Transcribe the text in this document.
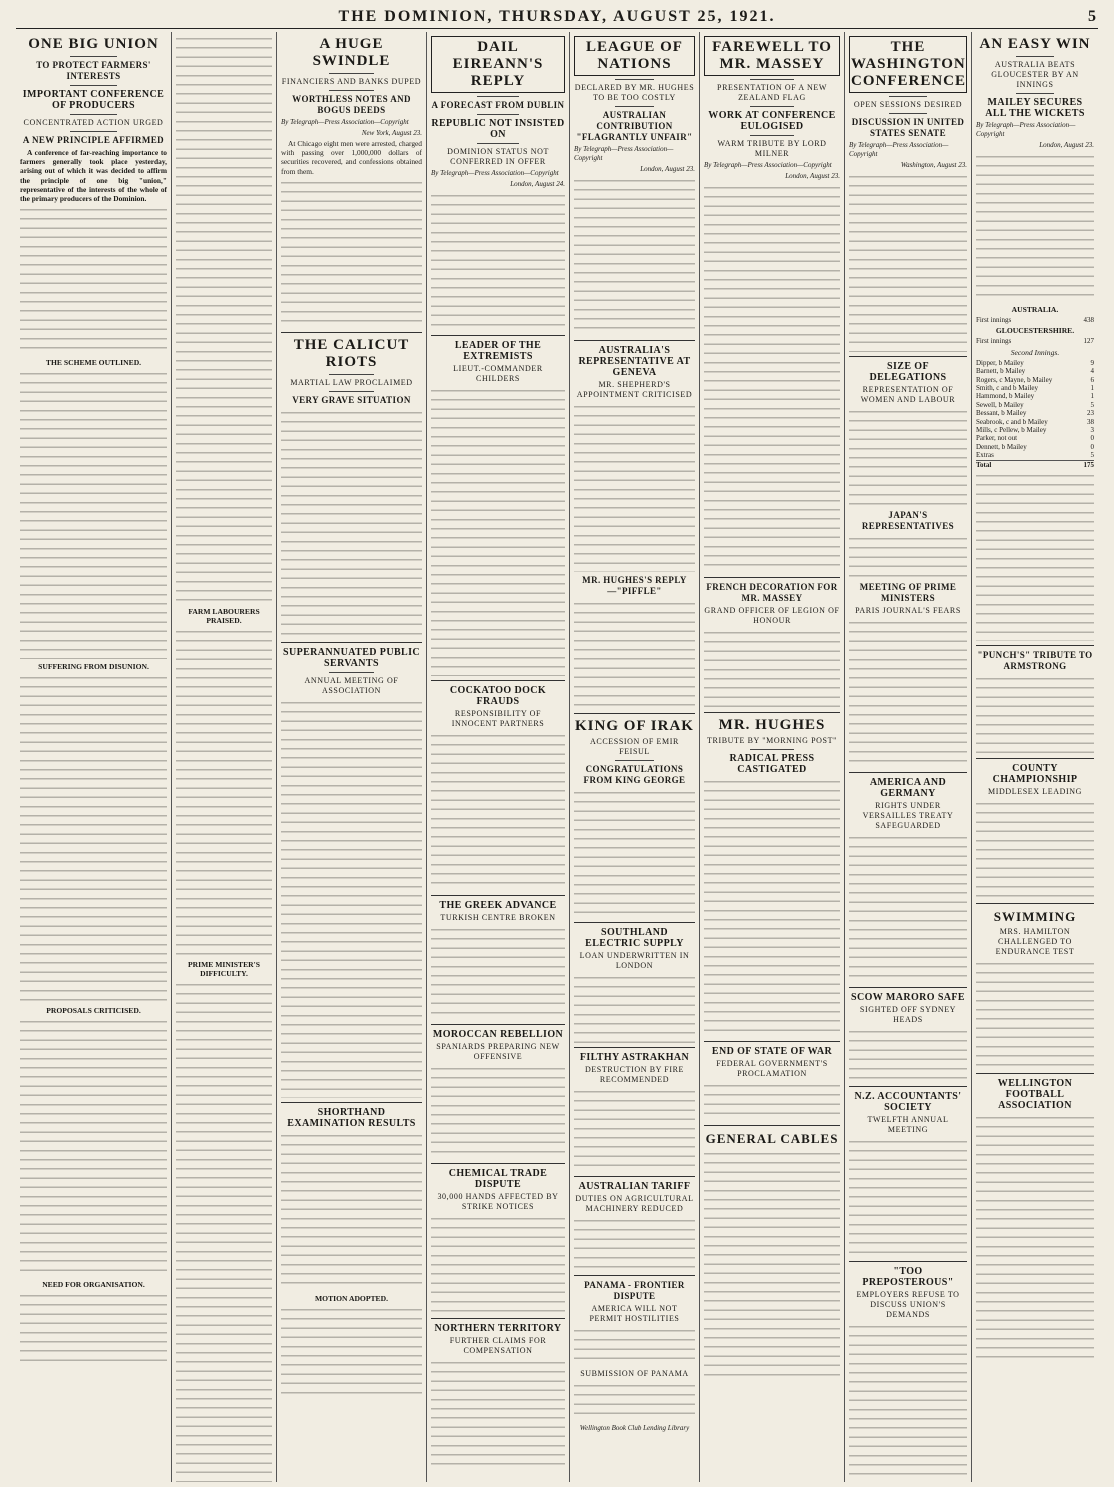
THE DOMINION, THURSDAY, AUGUST 25, 1921.	5
ONE BIG UNION
TO PROTECT FARMERS' INTERESTS
IMPORTANT CONFERENCE OF PRODUCERS
CONCENTRATED ACTION URGED
A NEW PRINCIPLE AFFIRMED

A conference of far-reaching importance to farmers generally took place yesterday, arising out of which it was decided to affirm the principle of one big "union," representative of the interests of the whole of the primary producers of the Dominion.

THE SCHEME OUTLINED.
SUFFERING FROM DISUNION.
PROPOSALS CRITICISED.
NEED FOR ORGANISATION.
FARM LABOURERS PRAISED.
PRIME MINISTER'S DIFFICULTY.
A HUGE SWINDLE
FINANCIERS AND BANKS DUPED
WORTHLESS NOTES AND BOGUS DEEDS
By Telegraph—Press Association—Copyright
New York, August 23.

At Chicago eight men were arrested, charged with passing over 1,000,000 dollars of securities recovered, and confessions obtained from them.

THE CALICUT RIOTS
MARTIAL LAW PROCLAIMED
VERY GRAVE SITUATION
SUPERANNUATED PUBLIC SERVANTS
ANNUAL MEETING OF ASSOCIATION
SHORTHAND EXAMINATION RESULTS
MOTION ADOPTED.
DAIL EIREANN'S REPLY
A FORECAST FROM DUBLIN
REPUBLIC NOT INSISTED ON
DOMINION STATUS NOT CONFERRED IN OFFER
By Telegraph—Press Association—Copyright
London, August 24.
LEADER OF THE EXTREMISTS
LIEUT.-COMMANDER CHILDERS
COCKATOO DOCK FRAUDS
RESPONSIBILITY OF INNOCENT PARTNERS
THE GREEK ADVANCE
TURKISH CENTRE BROKEN
MOROCCAN REBELLION
SPANIARDS PREPARING NEW OFFENSIVE
CHEMICAL TRADE DISPUTE
30,000 HANDS AFFECTED BY STRIKE NOTICES
NORTHERN TERRITORY
FURTHER CLAIMS FOR COMPENSATION
LEAGUE OF NATIONS
DECLARED BY MR. HUGHES TO BE TOO COSTLY
AUSTRALIAN CONTRIBUTION "FLAGRANTLY UNFAIR"
By Telegraph—Press Association—Copyright
London, August 23.
AUSTRALIA'S REPRESENTATIVE AT GENEVA
MR. SHEPHERD'S APPOINTMENT CRITICISED
MR. HUGHES'S REPLY—"PIFFLE"
KING OF IRAK
ACCESSION OF EMIR FEISUL
CONGRATULATIONS FROM KING GEORGE
SOUTHLAND ELECTRIC SUPPLY
LOAN UNDERWRITTEN IN LONDON
FILTHY ASTRAKHAN
DESTRUCTION BY FIRE RECOMMENDED
AUSTRALIAN TARIFF
DUTIES ON AGRICULTURAL MACHINERY REDUCED
PANAMA - FRONTIER DISPUTE
AMERICA WILL NOT PERMIT HOSTILITIES
SUBMISSION OF PANAMA
Wellington Book Club Lending Library
FAREWELL TO MR. MASSEY
PRESENTATION OF A NEW ZEALAND FLAG
WORK AT CONFERENCE EULOGISED
WARM TRIBUTE BY LORD MILNER
By Telegraph—Press Association—Copyright
London, August 23.
FRENCH DECORATION FOR MR. MASSEY
GRAND OFFICER OF LEGION OF HONOUR
MR. HUGHES
TRIBUTE BY "MORNING POST"
RADICAL PRESS CASTIGATED
END OF STATE OF WAR
FEDERAL GOVERNMENT'S PROCLAMATION
GENERAL CABLES
THE WASHINGTON CONFERENCE
OPEN SESSIONS DESIRED
DISCUSSION IN UNITED STATES SENATE
By Telegraph—Press Association—Copyright
Washington, August 23.
SIZE OF DELEGATIONS
REPRESENTATION OF WOMEN AND LABOUR
JAPAN'S REPRESENTATIVES
MEETING OF PRIME MINISTERS
PARIS JOURNAL'S FEARS
AMERICA AND GERMANY
RIGHTS UNDER VERSAILLES TREATY SAFEGUARDED
SCOW MARORO SAFE
SIGHTED OFF SYDNEY HEADS
N.Z. ACCOUNTANTS' SOCIETY
TWELFTH ANNUAL MEETING
"TOO PREPOSTEROUS"
EMPLOYERS REFUSE TO DISCUSS UNION'S DEMANDS
AN EASY WIN
AUSTRALIA BEATS GLOUCESTER BY AN INNINGS
MAILEY SECURES ALL THE WICKETS
By Telegraph—Press Association—Copyright
London, August 23.
AUSTRALIA.
First innings	438
GLOUCESTERSHIRE.
First innings	127
Second Innings.
Dipper, b Mailey	9
Barnett, b Mailey	4
Rogers, c Mayne, b Mailey	6
Smith, c and b Mailey	1
Hammond, b Mailey	1
Sewell, b Mailey	5
Bessant, b Mailey	23
Seabrook, c and b Mailey	38
Mills, c Pellew, b Mailey	3
Parker, not out	0
Dennett, b Mailey	0
Extras	5
Total	175
"PUNCH'S" TRIBUTE TO ARMSTRONG
COUNTY CHAMPIONSHIP
MIDDLESEX LEADING
SWIMMING
MRS. HAMILTON CHALLENGED TO ENDURANCE TEST
WELLINGTON FOOTBALL ASSOCIATION
